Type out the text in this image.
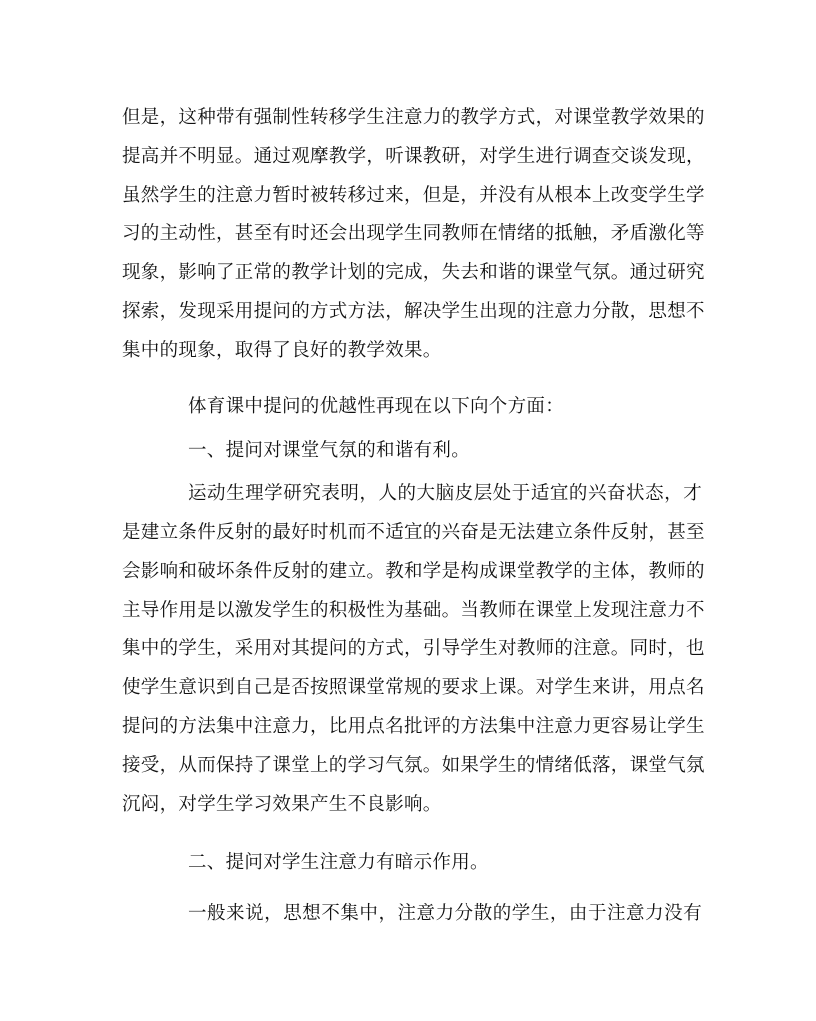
但是，这种带有强制性转移学生注意力的教学方式，对课堂教学效果的
提高并不明显。通过观摩教学，听课教研，对学生进行调查交谈发现，
虽然学生的注意力暂时被转移过来，但是，并没有从根本上改变学生学
习的主动性，甚至有时还会出现学生同教师在情绪的抵触，矛盾激化等
现象，影响了正常的教学计划的完成，失去和谐的课堂气氛。通过研究
探索，发现采用提问的方式方法，解决学生出现的注意力分散，思想不
集中的现象，取得了良好的教学效果。
体育课中提问的优越性再现在以下向个方面：
一、提问对课堂气氛的和谐有利。
运动生理学研究表明，人的大脑皮层处于适宜的兴奋状态，才
是建立条件反射的最好时机而不适宜的兴奋是无法建立条件反射，甚至
会影响和破坏条件反射的建立。教和学是构成课堂教学的主体，教师的
主导作用是以激发学生的积极性为基础。当教师在课堂上发现注意力不
集中的学生，采用对其提问的方式，引导学生对教师的注意。同时，也
使学生意识到自己是否按照课堂常规的要求上课。对学生来讲，用点名
提问的方法集中注意力，比用点名批评的方法集中注意力更容易让学生
接受，从而保持了课堂上的学习气氛。如果学生的情绪低落，课堂气氛
沉闷，对学生学习效果产生不良影响。
二、提问对学生注意力有暗示作用。
一般来说，思想不集中，注意力分散的学生，由于注意力没有
